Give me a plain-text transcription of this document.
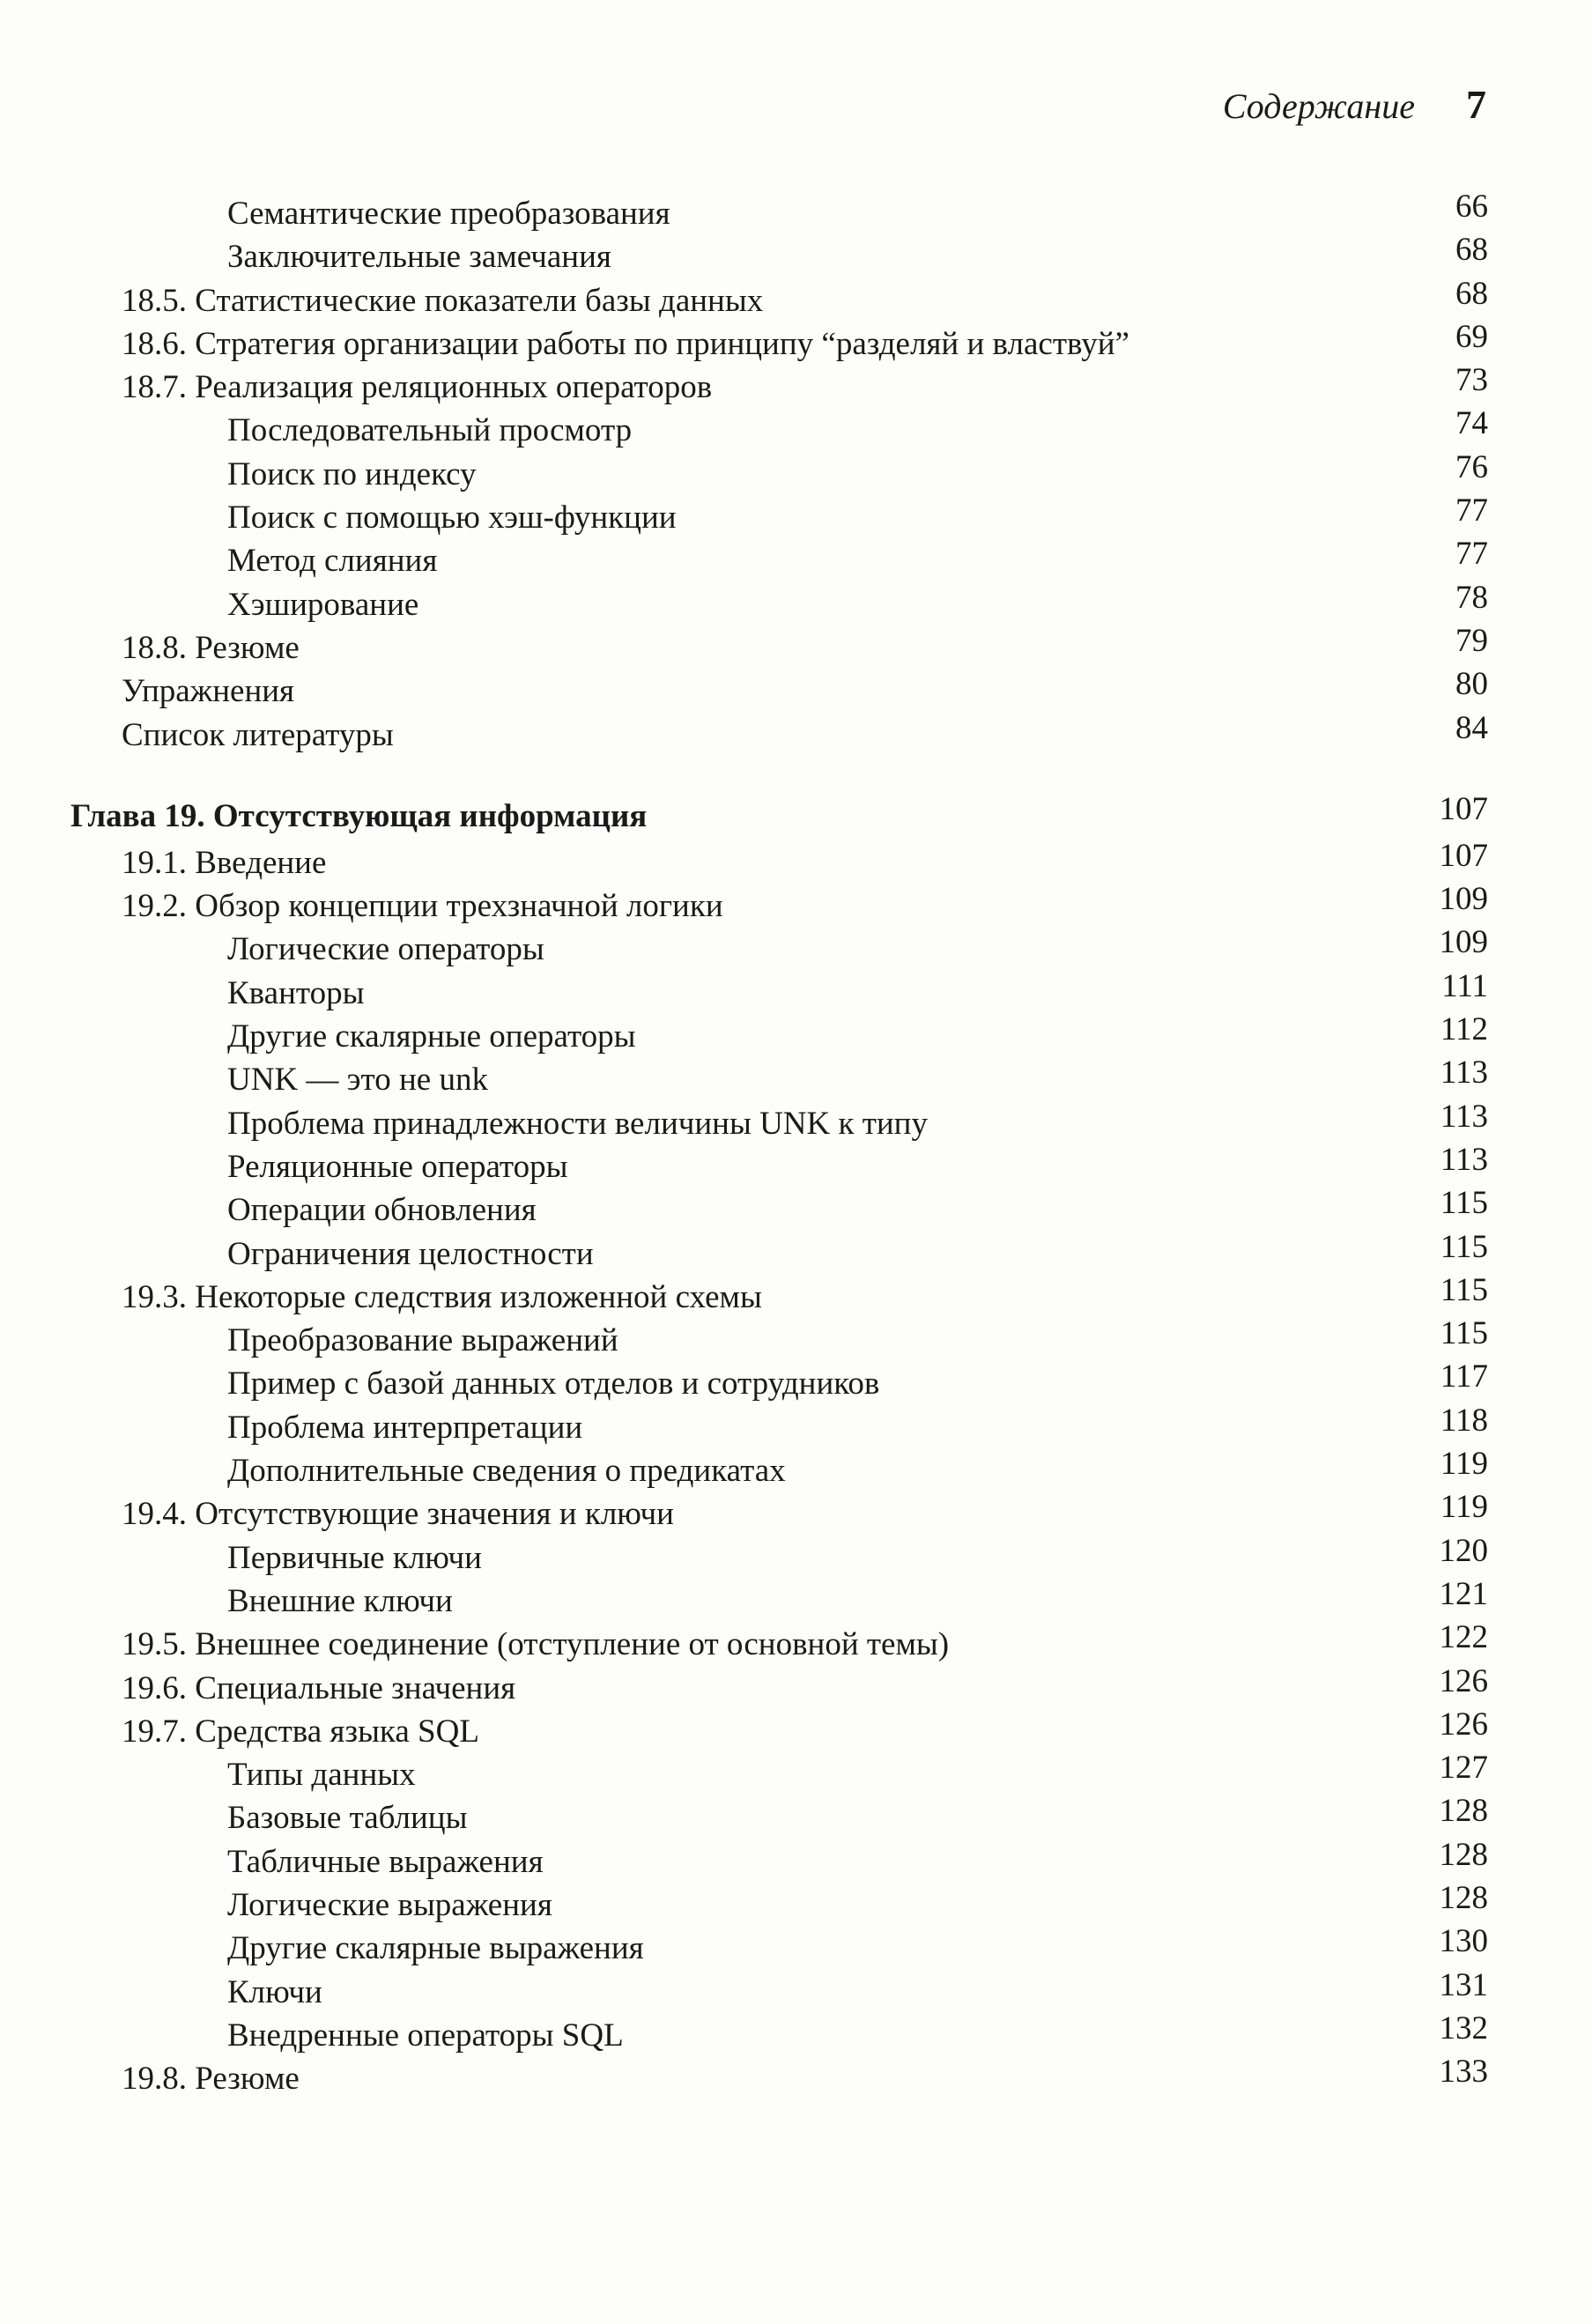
Содержание 7
Семантические преобразования	66
Заключительные замечания	68
18.5. Статистические показатели базы данных	68
18.6. Стратегия организации работы по принципу “разделяй и властвуй”	69
18.7. Реализация реляционных операторов	73
Последовательный просмотр	74
Поиск по индексу	76
Поиск с помощью хэш-функции	77
Метод слияния	77
Хэширование	78
18.8. Резюме	79
Упражнения	80
Список литературы	84
Глава 19. Отсутствующая информация	107
19.1. Введение	107
19.2. Обзор концепции трехзначной логики	109
Логические операторы	109
Кванторы	111
Другие скалярные операторы	112
UNK — это не unk	113
Проблема принадлежности величины UNK к типу	113
Реляционные операторы	113
Операции обновления	115
Ограничения целостности	115
19.3. Некоторые следствия изложенной схемы	115
Преобразование выражений	115
Пример с базой данных отделов и сотрудников	117
Проблема интерпретации	118
Дополнительные сведения о предикатах	119
19.4. Отсутствующие значения и ключи	119
Первичные ключи	120
Внешние ключи	121
19.5. Внешнее соединение (отступление от основной темы)	122
19.6. Специальные значения	126
19.7. Средства языка SQL	126
Типы данных	127
Базовые таблицы	128
Табличные выражения	128
Логические выражения	128
Другие скалярные выражения	130
Ключи	131
Внедренные операторы SQL	132
19.8. Резюме	133
